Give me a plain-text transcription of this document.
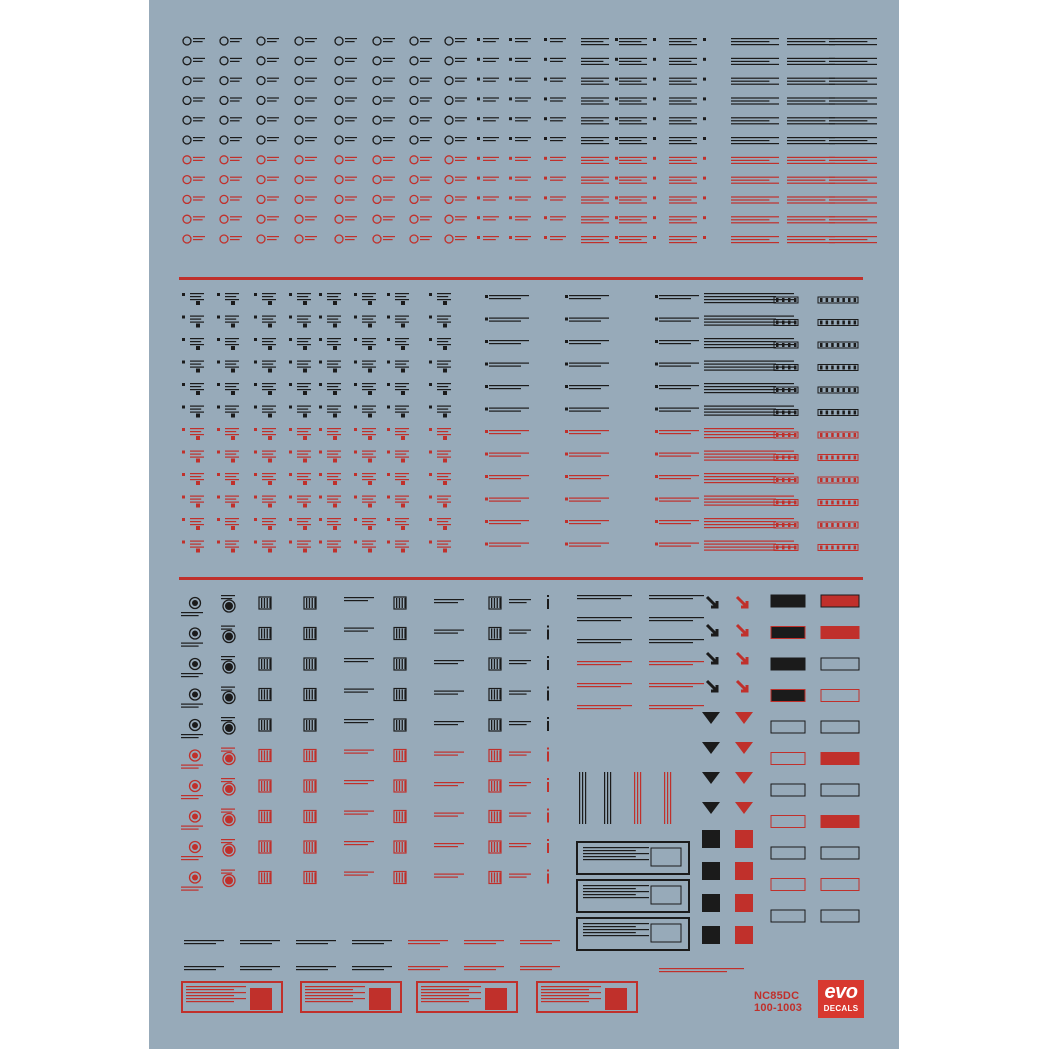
NC85DC
100-1003
evo
DECALS
